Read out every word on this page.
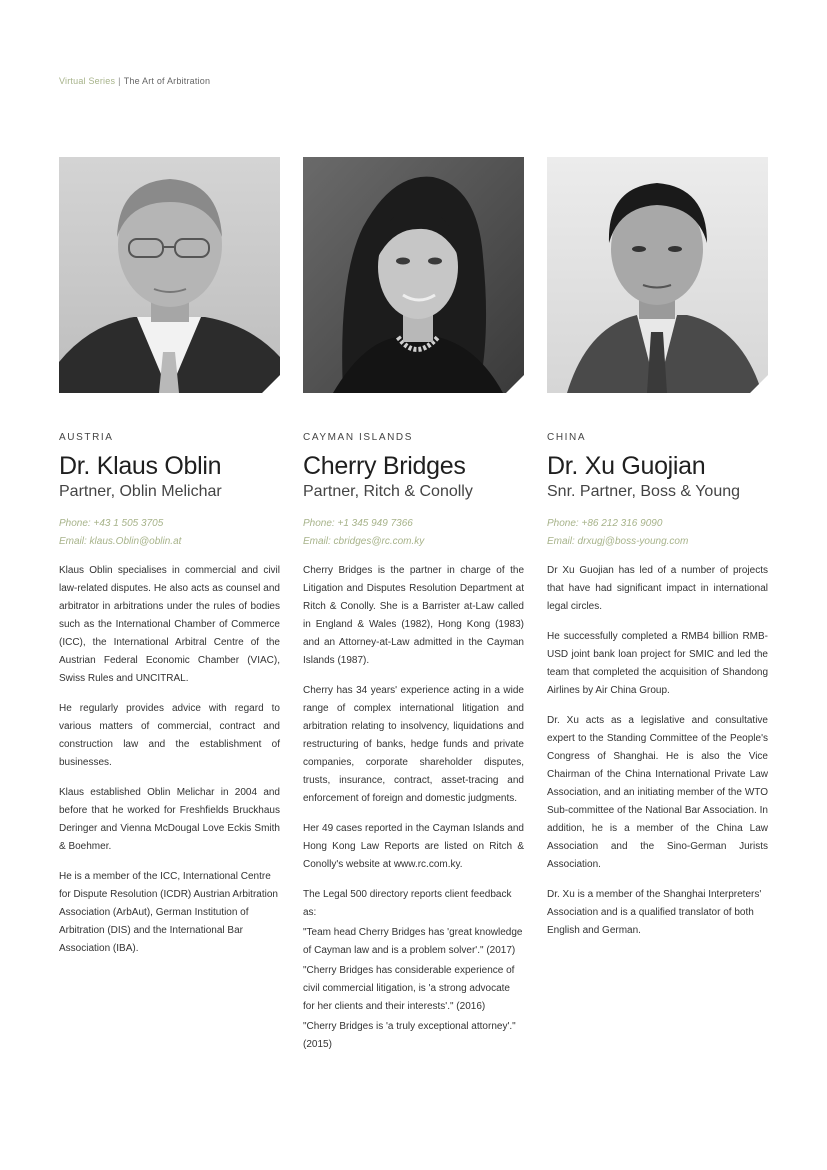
Virtual Series | The Art of Arbitration
AUSTRIA
Dr. Klaus Oblin
Partner, Oblin Melichar
Phone: +43 1 505 3705
Email: klaus.Oblin@oblin.at

Klaus Oblin specialises in commercial and civil law-related disputes. He also acts as counsel and arbitrator in arbitrations under the rules of bodies such as the International Chamber of Commerce (ICC), the International Arbitral Centre of the Austrian Federal Economic Chamber (VIAC), Swiss Rules and UNCITRAL.

He regularly provides advice with regard to various matters of commercial, contract and construction law and the establishment of businesses.

Klaus established Oblin Melichar in 2004 and before that he worked for Freshfields Bruckhaus Deringer and Vienna McDougal Love Eckis Smith & Boehmer.

He is a member of the ICC, International Centre for Dispute Resolution (ICDR) Austrian Arbitration Association (ArbAut), German Institution of Arbitration (DIS) and the International Bar Association (IBA).

CAYMAN ISLANDS
Cherry Bridges
Partner, Ritch & Conolly
Phone: +1 345 949 7366
Email: cbridges@rc.com.ky

Cherry Bridges is the partner in charge of the Litigation and Disputes Resolution Department at Ritch & Conolly. She is a Barrister at-Law called in England & Wales (1982), Hong Kong (1983) and an Attorney-at-Law admitted in the Cayman Islands (1987).

Cherry has 34 years' experience acting in a wide range of complex international litigation and arbitration relating to insolvency, liquidations and restructuring of banks, hedge funds and private companies, corporate shareholder disputes, trusts, insurance, contract, asset-tracing and enforcement of foreign and domestic judgments.

Her 49 cases reported in the Cayman Islands and Hong Kong Law Reports are listed on Ritch & Conolly's website at www.rc.com.ky.

The Legal 500 directory reports client feedback as:

"Team head Cherry Bridges has 'great knowledge of Cayman law and is a problem solver'." (2017)

"Cherry Bridges has considerable experience of civil commercial litigation, is 'a strong advocate for her clients and their interests'." (2016)

"Cherry Bridges is 'a truly exceptional attorney'." (2015)

CHINA
Dr. Xu Guojian
Snr. Partner, Boss & Young
Phone: +86 212 316 9090
Email: drxugj@boss-young.com

Dr Xu Guojian has led of a number of projects that have had significant impact in international legal circles.

He successfully completed a RMB4 billion RMB-USD joint bank loan project for SMIC and led the team that completed the acquisition of Shandong Airlines by Air China Group.

Dr. Xu acts as a legislative and consultative expert to the Standing Committee of the People's Congress of Shanghai. He is also the Vice Chairman of the China International Private Law Association, and an initiating member of the WTO Sub-committee of the National Bar Association. In addition, he is a member of the China Law Association and the Sino-German Jurists Association.

Dr. Xu is a member of the Shanghai Interpreters' Association and is a qualified translator of both English and German.
